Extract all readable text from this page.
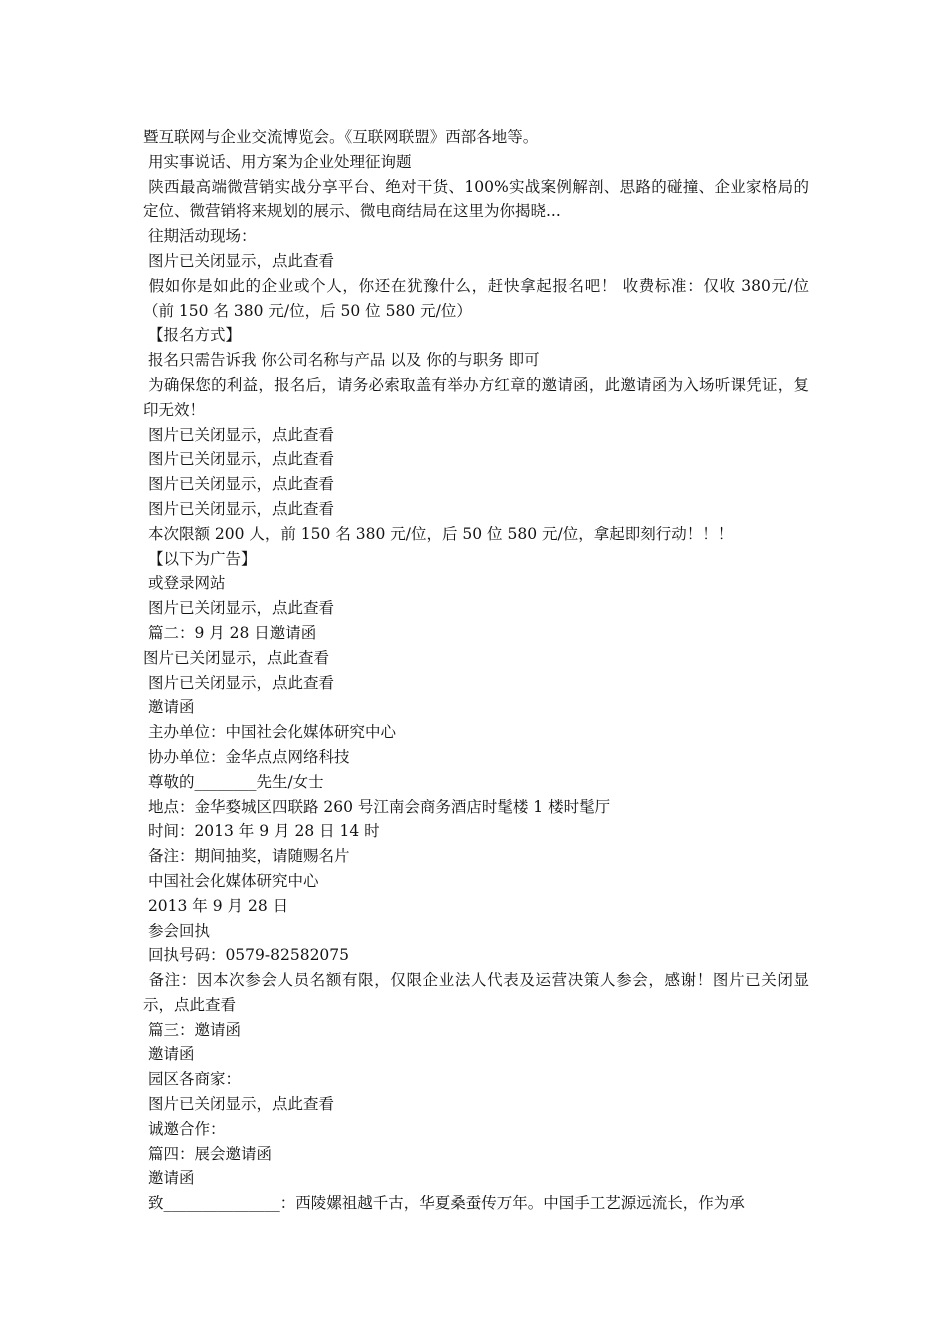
暨互联网与企业交流博览会。《互联网联盟》西部各地等。

用实事说话、用方案为企业处理征询题

陕西最高端微营销实战分享平台、绝对干货、100%实战案例解剖、思路的碰撞、企业家格局的定位、微营销将来规划的展示、微电商结局在这里为你揭晓...

往期活动现场：

图片已关闭显示，点此查看

假如你是如此的企业或个人，你还在犹豫什么，赶快拿起报名吧！ 收费标准：仅收 380元/位 （前 150 名 380 元/位，后 50 位 580 元/位）

【报名方式】

报名只需告诉我 你公司名称与产品 以及 你的与职务 即可

为确保您的利益，报名后，请务必索取盖有举办方红章的邀请函，此邀请函为入场听课凭证，复印无效！

图片已关闭显示，点此查看

图片已关闭显示，点此查看

图片已关闭显示，点此查看

图片已关闭显示，点此查看

本次限额 200 人，前 150 名 380 元/位，后 50 位 580 元/位，拿起即刻行动！！！

【以下为广告】

或登录网站

图片已关闭显示，点此查看

篇二：9 月 28 日邀请函

图片已关闭显示，点此查看

图片已关闭显示，点此查看

邀请函

主办单位：中国社会化媒体研究中心

协办单位：金华点点网络科技

尊敬的________先生/女士

地点：金华婺城区四联路 260 号江南会商务酒店时髦楼 1 楼时髦厅

时间：2013 年 9 月 28 日 14 时

备注：期间抽奖，请随赐名片

中国社会化媒体研究中心

2013 年 9 月 28 日

参会回执

回执号码：0579-82582075

备注：因本次参会人员名额有限，仅限企业法人代表及运营决策人参会，感谢！图片已关闭显示，点此查看

篇三：邀请函

邀请函

园区各商家：

图片已关闭显示，点此查看

诚邀合作：

篇四：展会邀请函

邀请函

致_______________：西陵嫘祖越千古，华夏桑蚕传万年。中国手工艺源远流长，作为承
